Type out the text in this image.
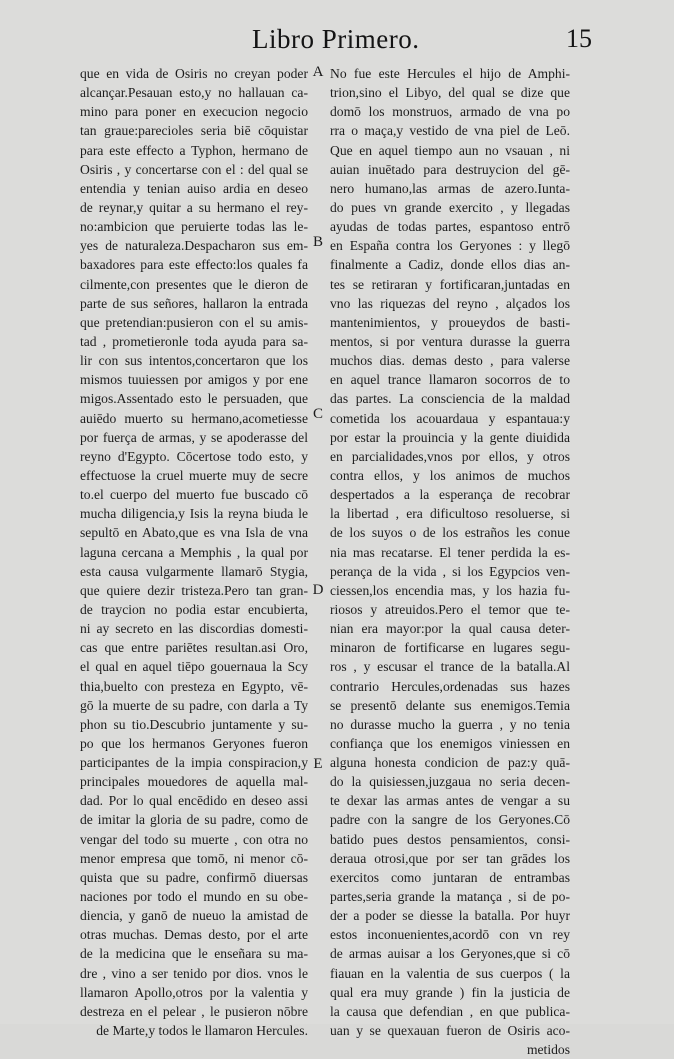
Libro Primero.	15
que en vida de Osiris no creyan poder
alcançar.Pesauan esto,y no hallauan ca-
mino para poner en execucion negocio
tan graue:parecioles seria biē cōquistar
para este effecto a Typhon, hermano de
Osiris , y concertarse con el : del qual se
entendia y tenian auiso ardia en deseo
de reynar,y quitar a su hermano el rey-
no:ambicion que peruierte todas las le-
yes de naturaleza.Despacharon sus em-
baxadores para este effecto:los quales fa
cilmente,con presentes que le dieron de
parte de sus señores, hallaron la entrada
que pretendian:pusieron con el su amis-
tad , prometieronle toda ayuda para sa-
lir con sus intentos,concertaron que los
mismos tuuiessen por amigos y por ene
migos.Assentado esto le persuaden, que
auiēdo muerto su hermano,acometiesse
por fuerça de armas, y se apoderasse del
reyno d'Egypto. Cōcertose todo esto, y
effectuose la cruel muerte muy de secre
to.el cuerpo del muerto fue buscado cō
mucha diligencia,y Isis la reyna biuda le
sepultō en Abato,que es vna Isla de vna
laguna cercana a Memphis , la qual por
esta causa vulgarmente llamarō Stygia,
que quiere dezir tristeza.Pero tan gran-
de traycion no podia estar encubierta,
ni ay secreto en las discordias domesti-
cas que entre pariētes resultan.asi Oro,
el qual en aquel tiēpo gouernaua la Scy
thia,buelto con presteza en Egypto, vē-
gō la muerte de su padre, con darla a Ty
phon su tio.Descubrio juntamente y su-
po que los hermanos Geryones fueron
participantes de la impia conspiracion,y
principales mouedores de aquella mal-
dad. Por lo qual encēdido en deseo assi
de imitar la gloria de su padre, como de
vengar del todo su muerte , con otra no
menor empresa que tomō, ni menor cō-
quista que su padre, confirmō diuersas
naciones por todo el mundo en su obe-
diencia, y ganō de nueuo la amistad de
otras muchas. Demas desto, por el arte
de la medicina que le enseñara su ma-
dre , vino a ser tenido por dios. vnos le
llamaron Apollo,otros por la valentia y
destreza en el pelear , le pusieron nōbre
de Marte,y todos le llamaron Hercules.
A
B
C
D
E
No fue este Hercules el hijo de Amphi-
trion,sino el Libyo, del qual se dize que
domō los monstruos, armado de vna po
rra o maça,y vestido de vna piel de Leō.
Que en aquel tiempo aun no vsauan , ni
auian inuētado para destruycion del gē-
nero humano,las armas de azero.Iunta-
do pues vn grande exercito , y llegadas
ayudas de todas partes, espantoso entrō
en España contra los Geryones : y llegō
finalmente a Cadiz, donde ellos dias an-
tes se retiraran y fortificaran,juntadas en
vno las riquezas del reyno , alçados los
mantenimientos, y proueydos de basti-
mentos, si por ventura durasse la guerra
muchos dias. demas desto , para valerse
en aquel trance llamaron socorros de to
das partes. La consciencia de la maldad
cometida los acouardaua y espantaua:y
por estar la prouincia y la gente diuidida
en parcialidades,vnos por ellos, y otros
contra ellos, y los animos de muchos
despertados a la esperança de recobrar
la libertad , era dificultoso resoluerse, si
de los suyos o de los estraños les conue
nia mas recatarse. El tener perdida la es-
perança de la vida , si los Egypcios ven-
ciessen,los encendia mas, y los hazia fu-
riosos y atreuidos.Pero el temor que te-
nian era mayor:por la qual causa deter-
minaron de fortificarse en lugares segu-
ros , y escusar el trance de la batalla.Al
contrario Hercules,ordenadas sus hazes
se presentō delante sus enemigos.Temia
no durasse mucho la guerra , y no tenia
confiança que los enemigos viniessen en
alguna honesta condicion de paz:y quā-
do la quisiessen,juzgaua no seria decen-
te dexar las armas antes de vengar a su
padre con la sangre de los Geryones.Cō
batido pues destos pensamientos, consi-
deraua otrosi,que por ser tan grādes los
exercitos como juntaran de entrambas
partes,seria grande la matança , si de po-
der a poder se diesse la batalla. Por huyr
estos inconuenientes,acordō con vn rey
de armas auisar a los Geryones,que si cō
fiauan en la valentia de sus cuerpos ( la
qual era muy grande ) fin la justicia de
la causa que defendian , en que publica-
uan y se quexauan fueron de Osiris aco-
metidos
